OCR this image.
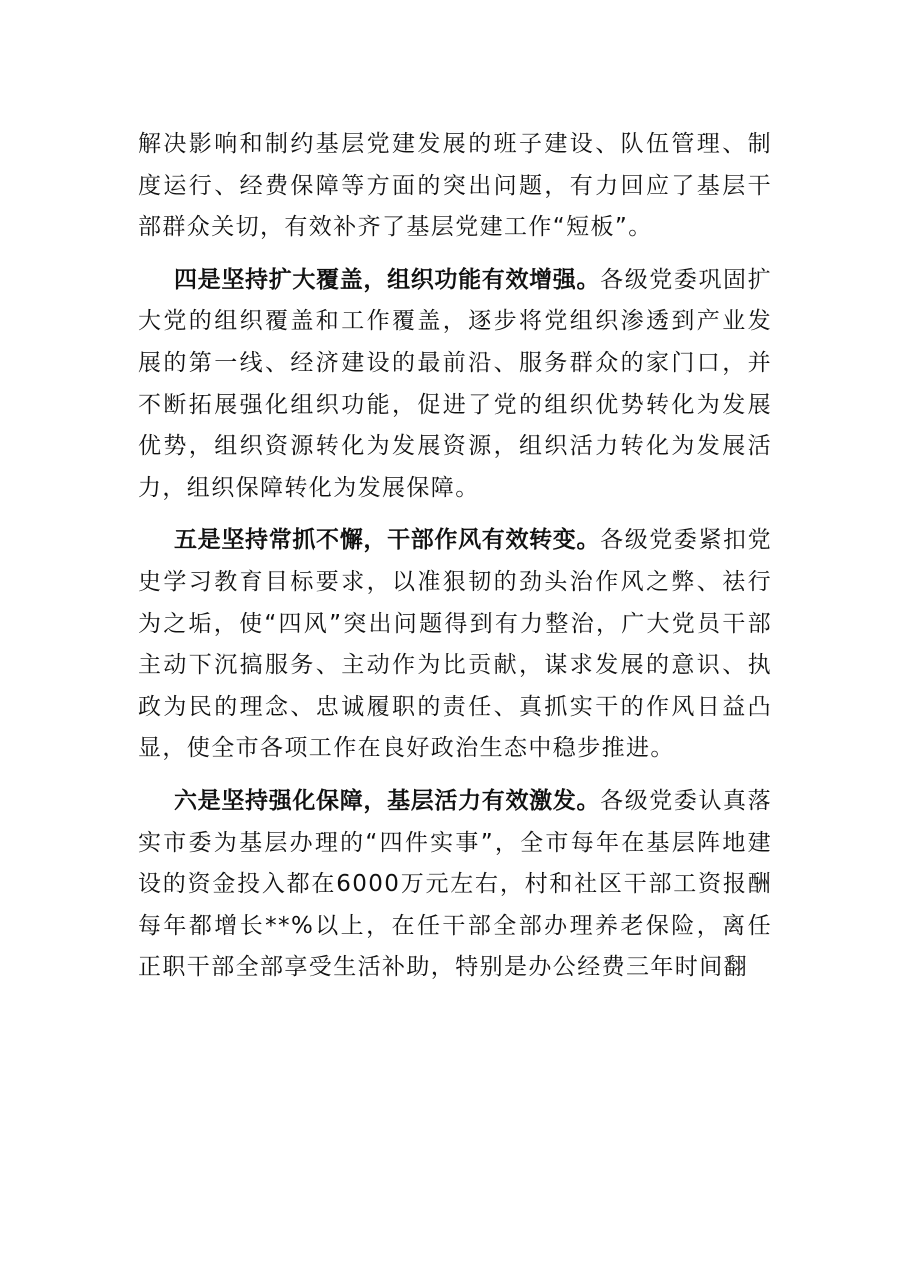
解决影响和制约基层党建发展的班子建设、队伍管理、制度运行、经费保障等方面的突出问题，有力回应了基层干部群众关切，有效补齐了基层党建工作“短板”。

四是坚持扩大覆盖，组织功能有效增强。各级党委巩固扩大党的组织覆盖和工作覆盖，逐步将党组织渗透到产业发展的第一线、经济建设的最前沿、服务群众的家门口，并不断拓展强化组织功能，促进了党的组织优势转化为发展优势，组织资源转化为发展资源，组织活力转化为发展活力，组织保障转化为发展保障。

五是坚持常抓不懈，干部作风有效转变。各级党委紧扣党史学习教育目标要求，以准狠韧的劲头治作风之弊、祛行为之垢，使“四风”突出问题得到有力整治，广大党员干部主动下沉搞服务、主动作为比贡献，谋求发展的意识、执政为民的理念、忠诚履职的责任、真抓实干的作风日益凸显，使全市各项工作在良好政治生态中稳步推进。

六是坚持强化保障，基层活力有效激发。各级党委认真落实市委为基层办理的“四件实事”，全市每年在基层阵地建设的资金投入都在6000万元左右，村和社区干部工资报酬每年都增长**%以上，在任干部全部办理养老保险，离任正职干部全部享受生活补助，特别是办公经费三年时间翻
